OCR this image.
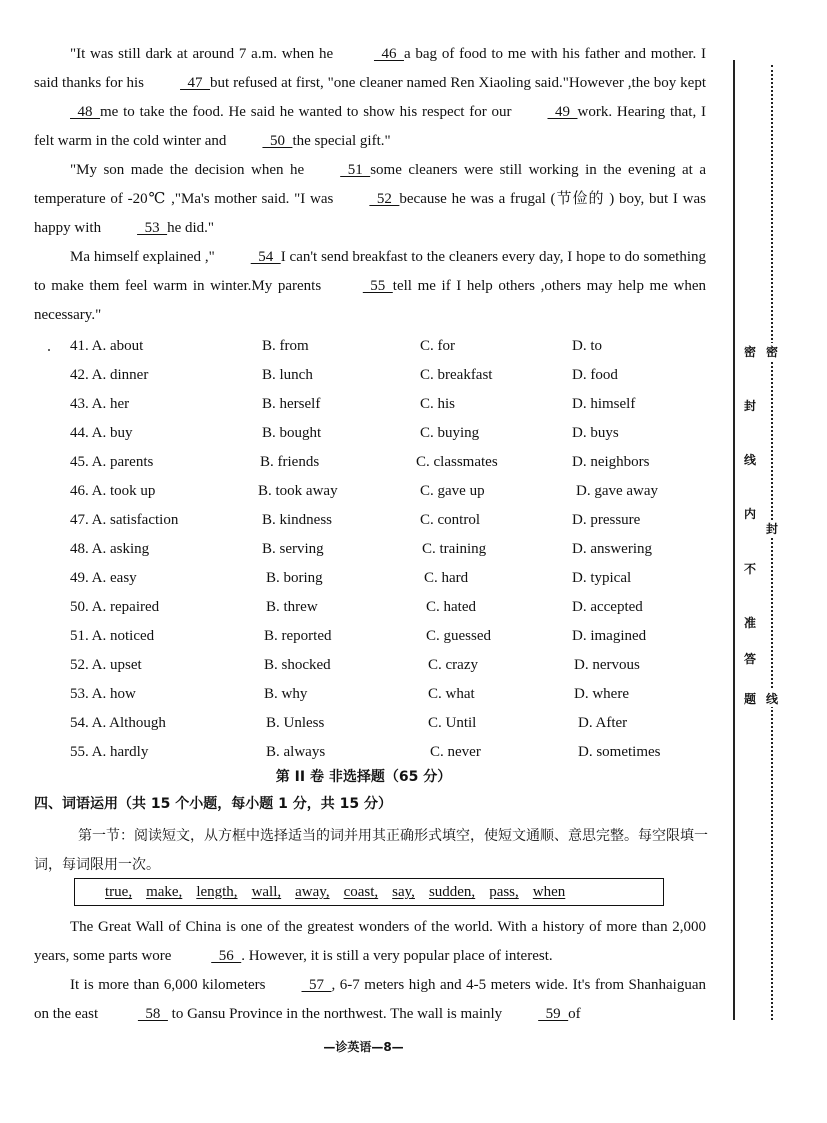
"It was still dark at around 7 a.m. when he   46  a bag of food to me with his father and mother. I said thanks for his  47  but refused at first, "one cleaner named Ren Xiaoling said."However ,the boy kept  48  me to take the food. He said he wanted to show his respect for our  49  work. Hearing that, I felt warm in the cold winter and  50  the special gift."

"My son made the decision when he  51  some cleaners were still working in the evening at a temperature of -20℃ ,"Ma's mother said. "I was  52  because he was a frugal (节俭的 ) boy, but I was happy with  53  he did."

Ma himself explained ,"  54  I can't send breakfast to the cleaners every day, I hope to do something to make them feel warm in winter.My parents   55  tell me if I help others ,others may help me when necessary."

41. A. about	B. from	C. for	D. to
42. A. dinner	B. lunch	C. breakfast	D. food
43. A. her	B. herself	C. his	D. himself
44. A. buy	B. bought	C. buying	D. buys
45. A. parents	B. friends	C. classmates	D. neighbors
46. A. took up	B. took away	C. gave up	D. gave away
47. A. satisfaction	B. kindness	C. control	D. pressure
48. A. asking	B. serving	C. training	D. answering
49. A. easy	B. boring	C. hard	D. typical
50. A. repaired	B. threw	C. hated	D. accepted
51. A. noticed	B. reported	C. guessed	D. imagined
52. A. upset	B. shocked	C. crazy	D. nervous
53. A. how	B. why	C. what	D. where
54. A. Although	B. Unless	C. Until	D. After
55. A. hardly	B. always	C. never	D. sometimes
第 II 卷 非选择题（65 分）
四、词语运用（共 15 个小题，每小题 1 分，共 15 分）
第一节：阅读短文，从方框中选择适当的词并用其正确形式填空，使短文通顺、意思完整。每空限填一词，每词限用一次。
true, make, length, wall, away, coast, say, sudden, pass, when

The Great Wall of China is one of the greatest wonders of the world. With a history of more than 2,000 years, some parts wore   56  . However, it is still a very popular place of interest.

It is more than 6,000 kilometers  57  , 6-7 meters high and 4-5 meters wide. It's from Shanhaiguan on the east   58   to Gansu Province in the northwest. The wall is mainly  59  of

—诊英语—8—
密
封
线
内
不
准
答
题
密
封
线
